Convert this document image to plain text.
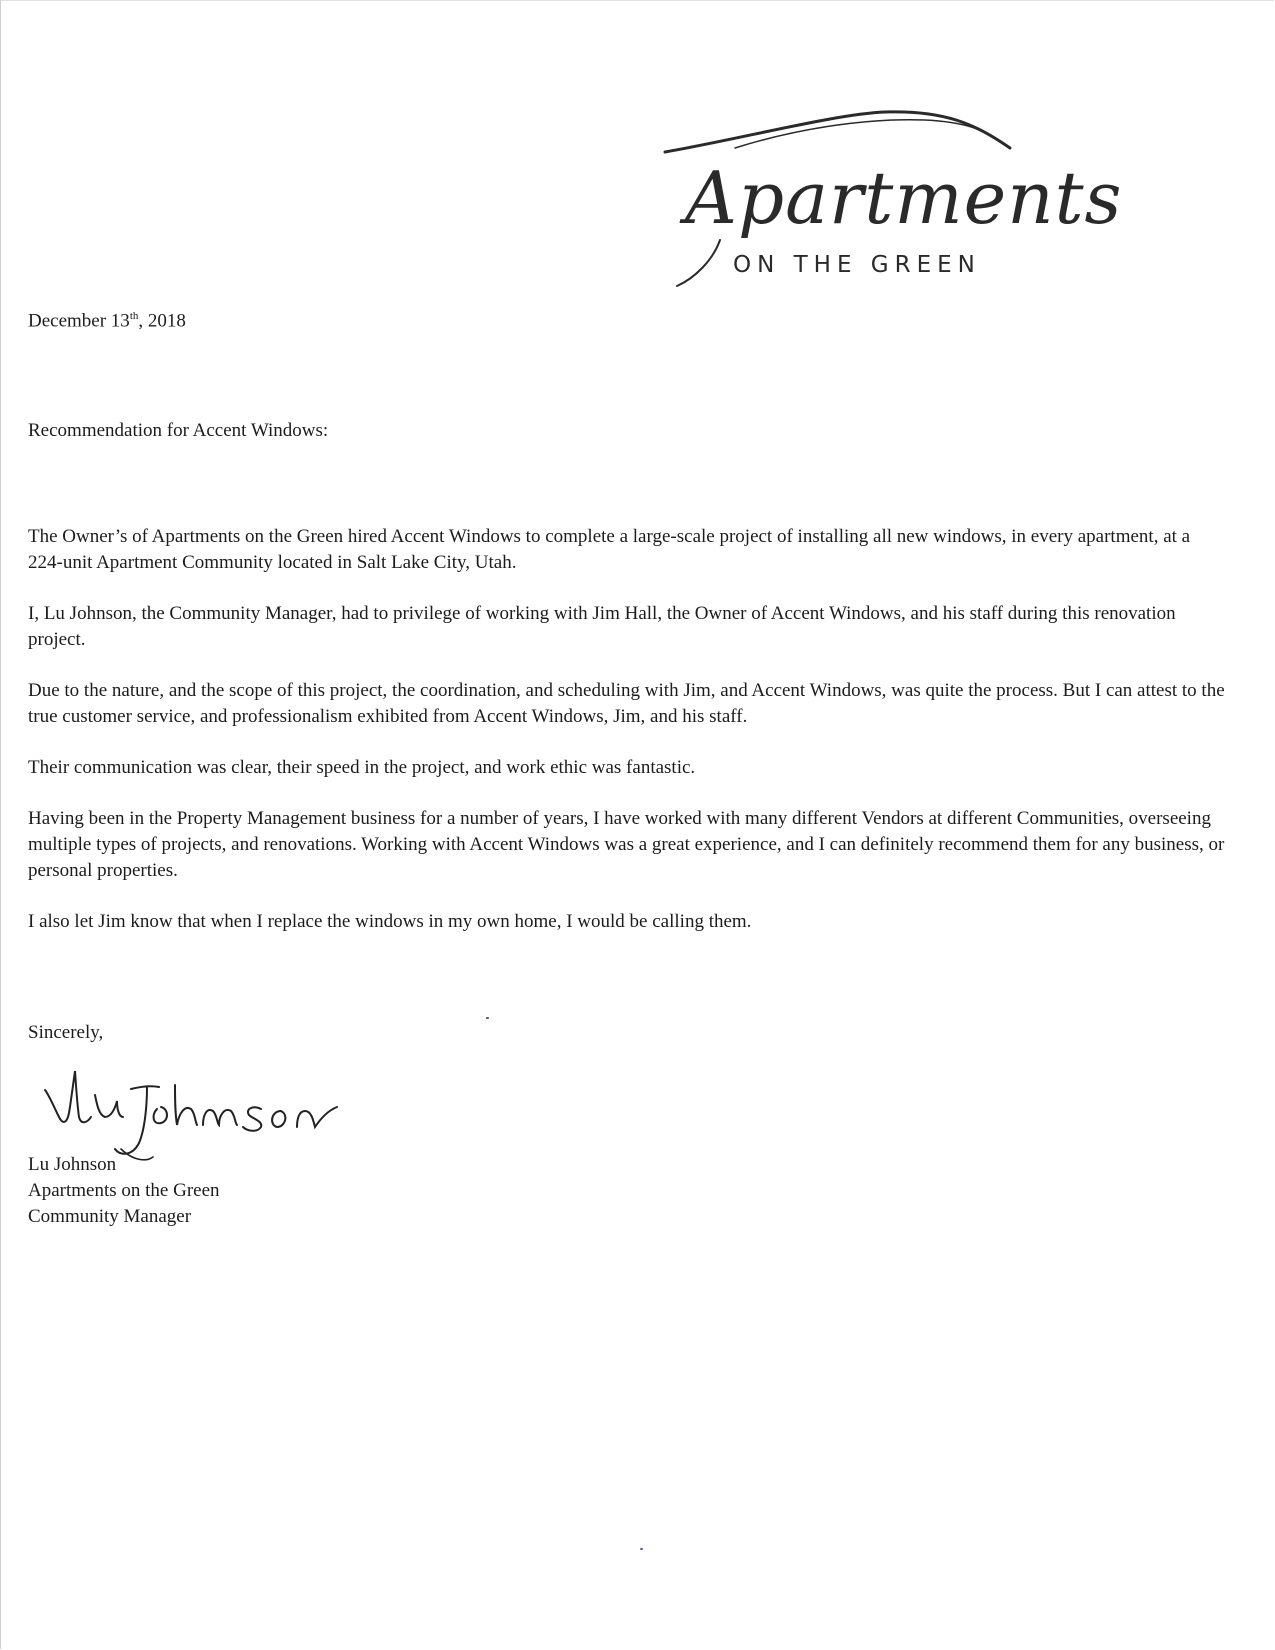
Apartments
ON THE GREEN
December 13th, 2018
Recommendation for Accent Windows:

The Owner’s of Apartments on the Green hired Accent Windows to complete a large-scale project of installing all new windows, in every apartment, at a 224-unit Apartment Community located in Salt Lake City, Utah.

I, Lu Johnson, the Community Manager, had to privilege of working with Jim Hall, the Owner of Accent Windows, and his staff during this renovation project.

Due to the nature, and the scope of this project, the coordination, and scheduling with Jim, and Accent Windows, was quite the process. But I can attest to the true customer service, and professionalism exhibited from Accent Windows, Jim, and his staff.

Their communication was clear, their speed in the project, and work ethic was fantastic.

Having been in the Property Management business for a number of years, I have worked with many different Vendors at different Communities, overseeing multiple types of projects, and renovations. Working with Accent Windows was a great experience, and I can definitely recommend them for any business, or personal properties.

I also let Jim know that when I replace the windows in my own home, I would be calling them.

Sincerely,
Lu Johnson
Apartments on the Green
Community Manager
